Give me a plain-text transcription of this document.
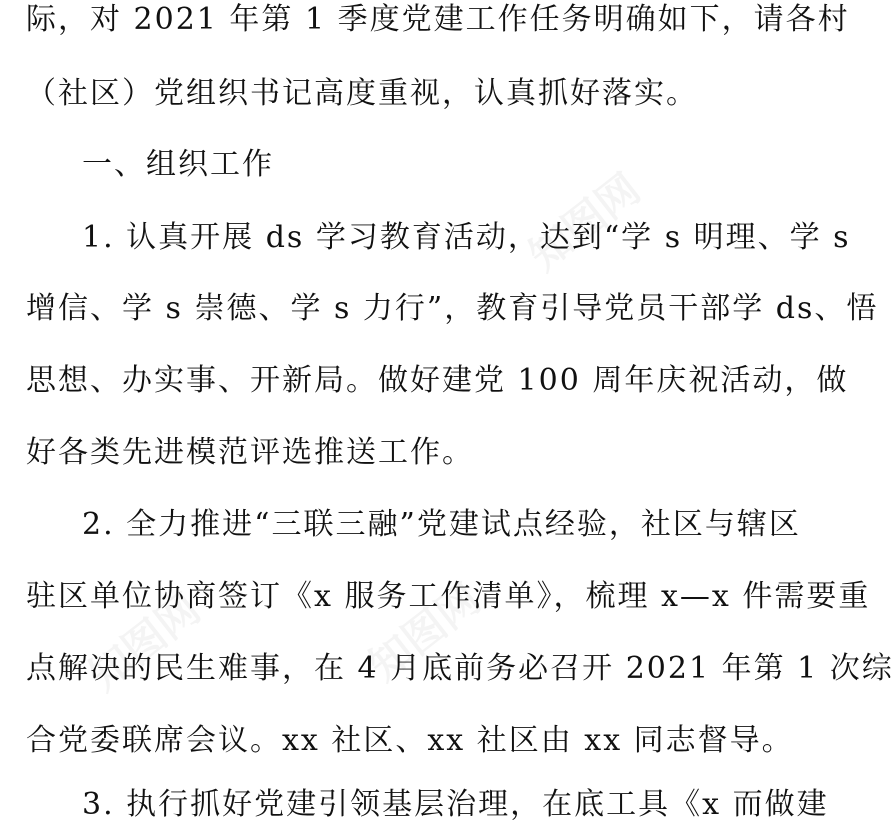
际，对 2021 年第 1 季度党建工作任务明确如下，请各村
（社区）党组织书记高度重视，认真抓好落实。
一、组织工作
1. 认真开展 ds 学习教育活动，达到“学 s 明理、学 s
增信、学 s 崇德、学 s 力行”，教育引导党员干部学 ds、悟
思想、办实事、开新局。做好建党 100 周年庆祝活动，做
好各类先进模范评选推送工作。
2. 全力推进“三联三融”党建试点经验，社区与辖区
驻区单位协商签订《x 服务工作清单》，梳理 x—x 件需要重
点解决的民生难事，在 4 月底前务必召开 2021 年第 1 次综
合党委联席会议。xx 社区、xx 社区由 xx 同志督导。
3. 执行抓好党建引领基层治理，在底工具《x 而做建
